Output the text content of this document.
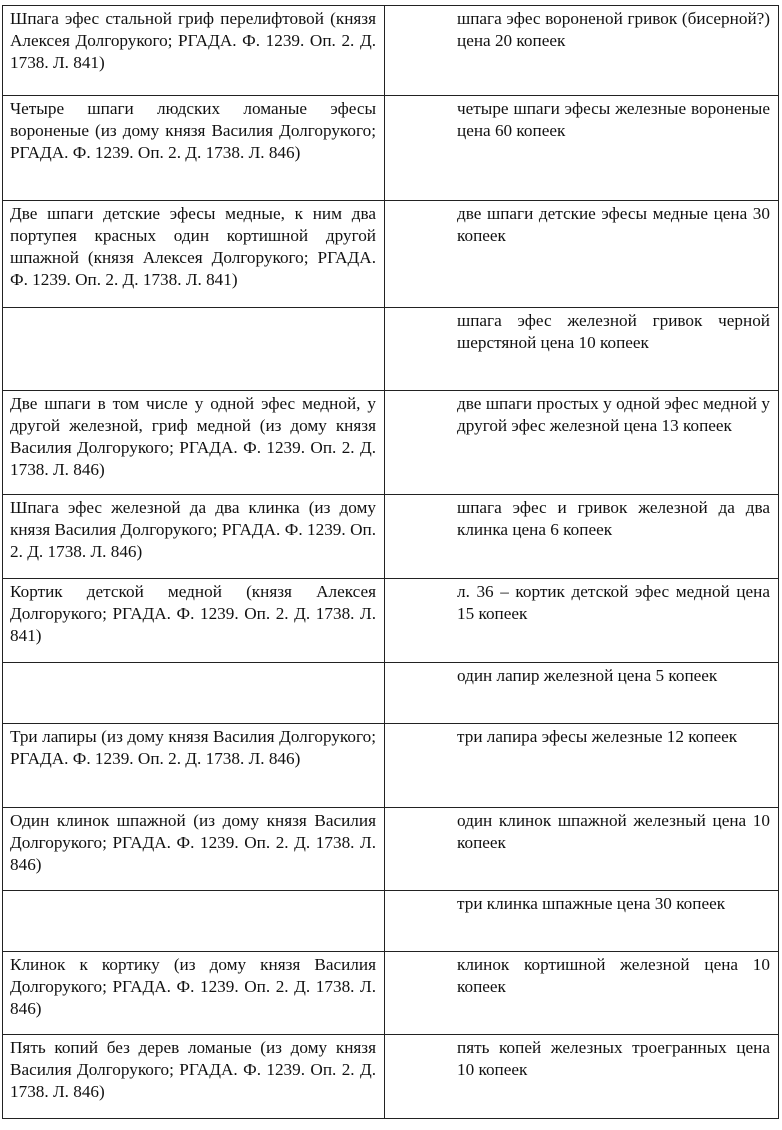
Шпага эфес стальной гриф перелифтовой (князя Алексея Долгорукого; РГАДА. Ф. 1239. Оп. 2. Д. 1738. Л. 841)	шпага эфес вороненой гривок (бисерной?) цена 20 копеек
Четыре шпаги людских ломаные эфесы вороненые (из дому князя Василия Долгорукого; РГАДА. Ф. 1239. Оп. 2. Д. 1738. Л. 846)	четыре шпаги эфесы железные вороненые цена 60 копеек
Две шпаги детские эфесы медные, к ним два портупея красных один кортишной другой шпажной (князя Алексея Долгорукого; РГАДА. Ф. 1239. Оп. 2. Д. 1738. Л. 841)	две шпаги детские эфесы медные цена 30 копеек
	шпага эфес железной гривок черной шерстяной цена 10 копеек
Две шпаги в том числе у одной эфес медной, у другой железной, гриф медной (из дому князя Василия Долгорукого; РГАДА. Ф. 1239. Оп. 2. Д. 1738. Л. 846)	две шпаги простых у одной эфес медной у другой эфес железной цена 13 копеек
Шпага эфес железной да два клинка (из дому князя Василия Долгорукого; РГАДА. Ф. 1239. Оп. 2. Д. 1738. Л. 846)	шпага эфес и гривок железной да два клинка цена 6 копеек
Кортик детской медной (князя Алексея Долгорукого; РГАДА. Ф. 1239. Оп. 2. Д. 1738. Л. 841)	л. 36 – кортик детской эфес медной цена 15 копеек
	один лапир железной цена 5 копеек
Три лапиры (из дому князя Василия Долгорукого; РГАДА. Ф. 1239. Оп. 2. Д. 1738. Л. 846)	три лапира эфесы железные 12 копеек
Один клинок шпажной (из дому князя Василия Долгорукого; РГАДА. Ф. 1239. Оп. 2. Д. 1738. Л. 846)	один клинок шпажной железный цена 10 копеек
	три клинка шпажные цена 30 копеек
Клинок к кортику (из дому князя Василия Долгорукого; РГАДА. Ф. 1239. Оп. 2. Д. 1738. Л. 846)	клинок кортишной железной цена 10 копеек
Пять копий без дерев ломаные (из дому князя Василия Долгорукого; РГАДА. Ф. 1239. Оп. 2. Д. 1738. Л. 846)	пять копей железных троегранных цена 10 копеек
